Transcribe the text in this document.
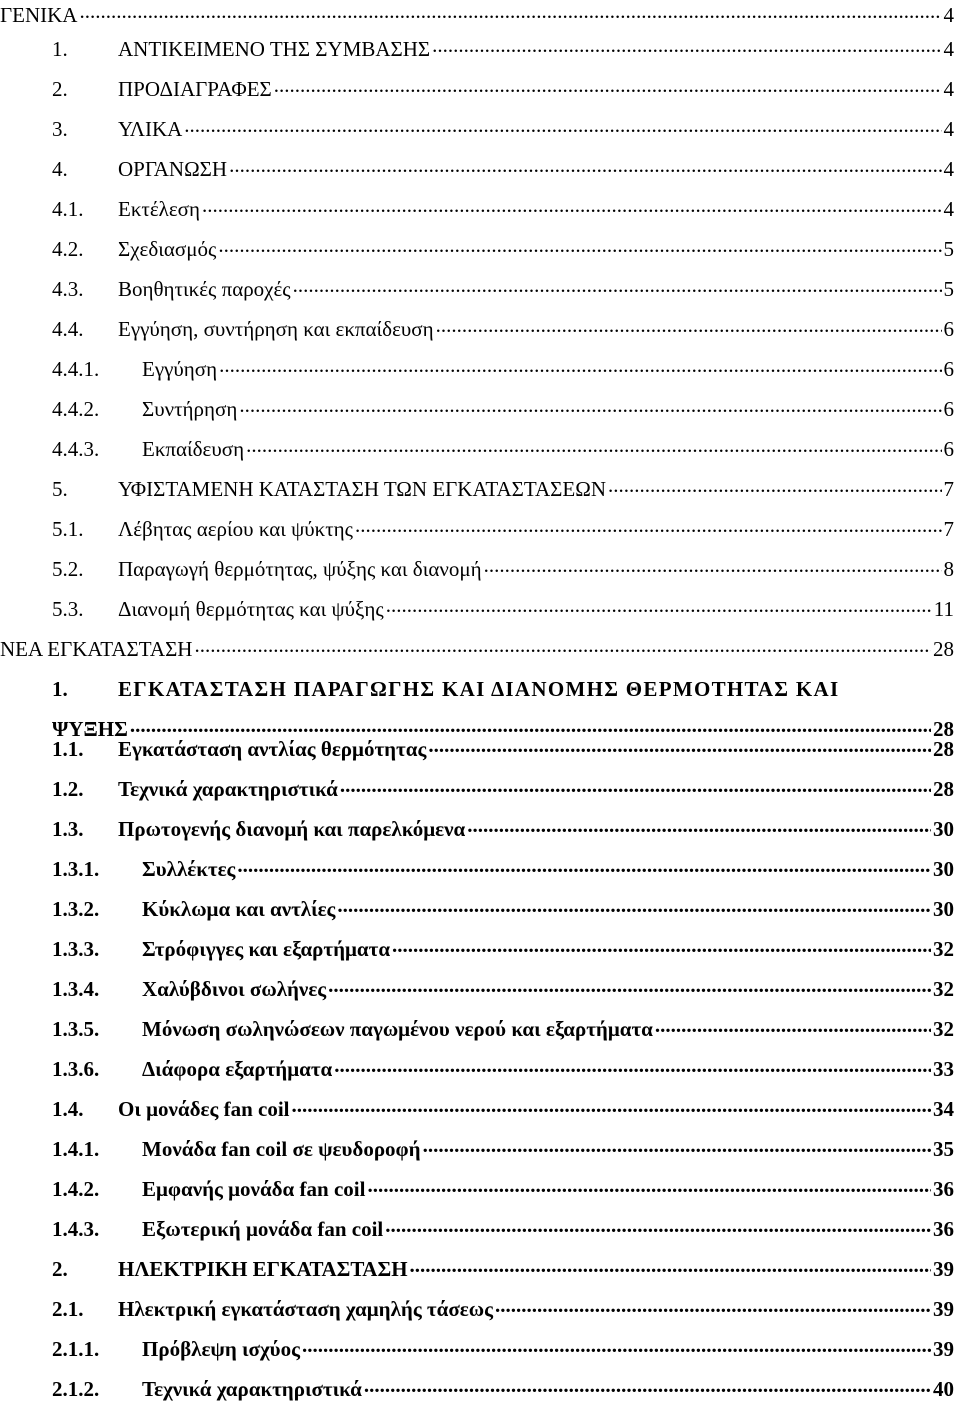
ΓΕΝΙΚΑ .....	4
1.	ΑΝΤΙΚΕΙΜΕΝΟ ΤΗΣ ΣΥΜΒΑΣΗΣ .....	4
2.	ΠΡΟΔΙΑΓΡΑΦΕΣ .....	4
3.	ΥΛΙΚΑ .....	4
4.	ΟΡΓΑΝΩΣΗ .....	4
4.1.	Εκτέλεση .....	4
4.2.	Σχεδιασμός .....	5
4.3.	Βοηθητικές παροχές .....	5
4.4.	Εγγύηση, συντήρηση και εκπαίδευση .....	6
4.4.1.	Εγγύηση .....	6
4.4.2.	Συντήρηση .....	6
4.4.3.	Εκπαίδευση .....	6
5.	ΥΦΙΣΤΑΜΕΝΗ ΚΑΤΑΣΤΑΣΗ ΤΩΝ ΕΓΚΑΤΑΣΤΑΣΕΩΝ .....	7
5.1.	Λέβητας αερίου και ψύκτης .....	7
5.2.	Παραγωγή θερμότητας, ψύξης και διανομή .....	8
5.3.	Διανομή θερμότητας και ψύξης .....	11
ΝΕΑ ΕΓΚΑΤΑΣΤΑΣΗ .....	28
1.	ΕΓΚΑΤΑΣΤΑΣΗ ΠΑΡΑΓΩΓΗΣ ΚΑΙ ΔΙΑΝΟΜΗΣ ΘΕΡΜΟΤΗΤΑΣ ΚΑΙ
ΨΥΞΗΣ .....	28
1.1.	Εγκατάσταση αντλίας θερμότητας .....	28
1.2.	Τεχνικά χαρακτηριστικά .....	28
1.3.	Πρωτογενής διανομή και παρελκόμενα .....	30
1.3.1.	Συλλέκτες .....	30
1.3.2.	Κύκλωμα και αντλίες .....	30
1.3.3.	Στρόφιγγες και εξαρτήματα .....	32
1.3.4.	Χαλύβδινοι σωλήνες .....	32
1.3.5.	Μόνωση σωληνώσεων παγωμένου νερού και εξαρτήματα .....	32
1.3.6.	Διάφορα εξαρτήματα .....	33
1.4.	Οι μονάδες fan coil .....	34
1.4.1.	Μονάδα fan coil σε ψευδοροφή .....	35
1.4.2.	Εμφανής μονάδα fan coil .....	36
1.4.3.	Εξωτερική μονάδα fan coil .....	36
2.	ΗΛΕΚΤΡΙΚΗ ΕΓΚΑΤΑΣΤΑΣΗ .....	39
2.1.	Ηλεκτρική εγκατάσταση χαμηλής τάσεως .....	39
2.1.1.	Πρόβλεψη ισχύος .....	39
2.1.2.	Τεχνικά χαρακτηριστικά .....	40
